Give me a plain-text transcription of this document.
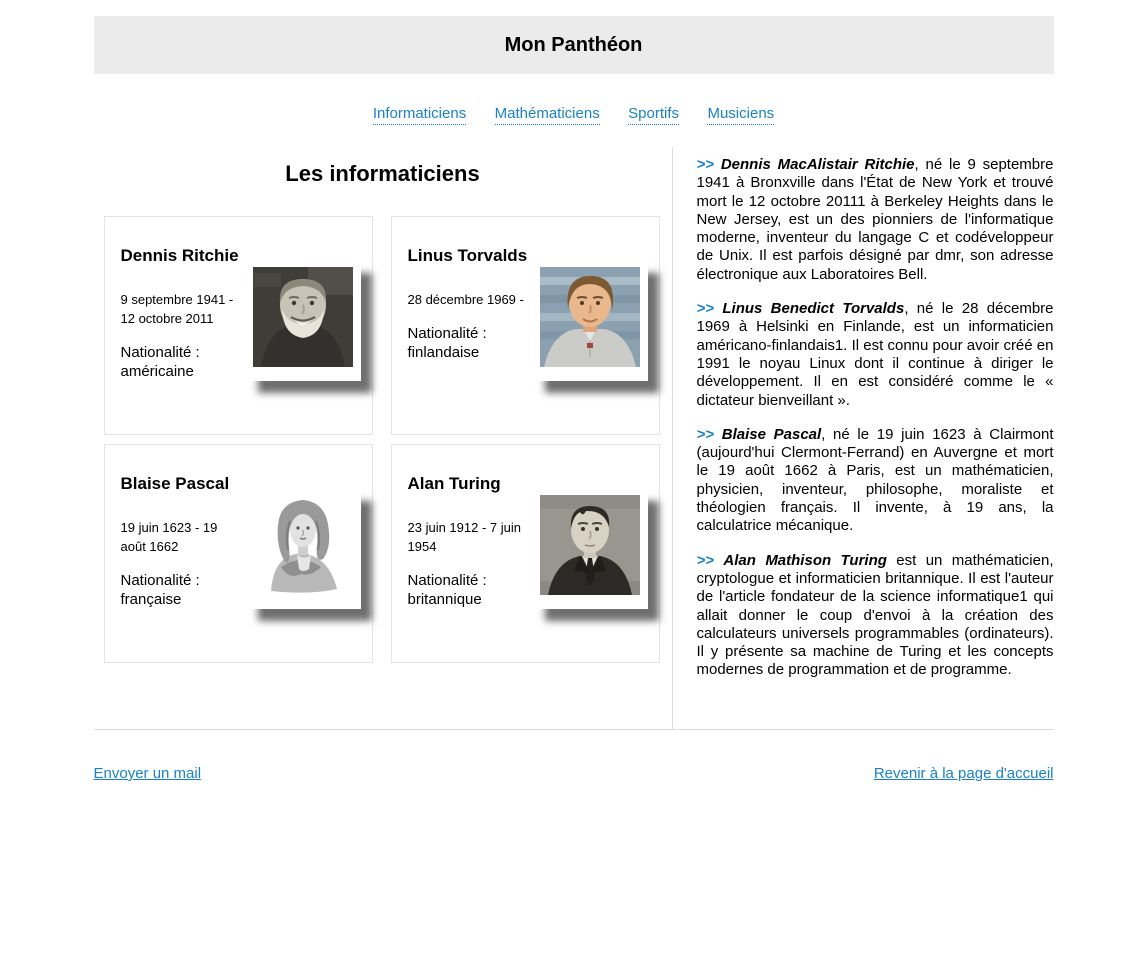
Mon Panthéon
Informaticiens Mathématiciens Sportifs Musiciens
Les informaticiens
Dennis Ritchie

9 septembre 1941 - 12 octobre 2011

Nationalité :
américaine

Linus Torvalds

28 décembre 1969 -

Nationalité :
finlandaise

Blaise Pascal

19 juin 1623 - 19 août 1662

Nationalité :
française

Alan Turing

23 juin 1912 - 7 juin 1954

Nationalité :
britannique

>> Dennis MacAlistair Ritchie, né le 9 septembre 1941 à Bronxville dans l'État de New York et trouvé mort le 12 octobre 20111 à Berkeley Heights dans le New Jersey, est un des pionniers de l'informatique moderne, inventeur du langage C et codéveloppeur de Unix. Il est parfois désigné par dmr, son adresse électronique aux Laboratoires Bell.

>> Linus Benedict Torvalds, né le 28 décembre 1969 à Helsinki en Finlande, est un informaticien américano-finlandais1. Il est connu pour avoir créé en 1991 le noyau Linux dont il continue à diriger le développement. Il en est considéré comme le « dictateur bienveillant ».

>> Blaise Pascal, né le 19 juin 1623 à Clairmont (aujourd'hui Clermont-Ferrand) en Auvergne et mort le 19 août 1662 à Paris, est un mathématicien, physicien, inventeur, philosophe, moraliste et théologien français. Il invente, à 19 ans, la calculatrice mécanique.

>> Alan Mathison Turing est un mathématicien, cryptologue et informaticien britannique. Il est l'auteur de l'article fondateur de la science informatique1 qui allait donner le coup d'envoi à la création des calculateurs universels programmables (ordinateurs). Il y présente sa machine de Turing et les concepts modernes de programmation et de programme.

Envoyer un mail	Revenir à la page d'accueil
